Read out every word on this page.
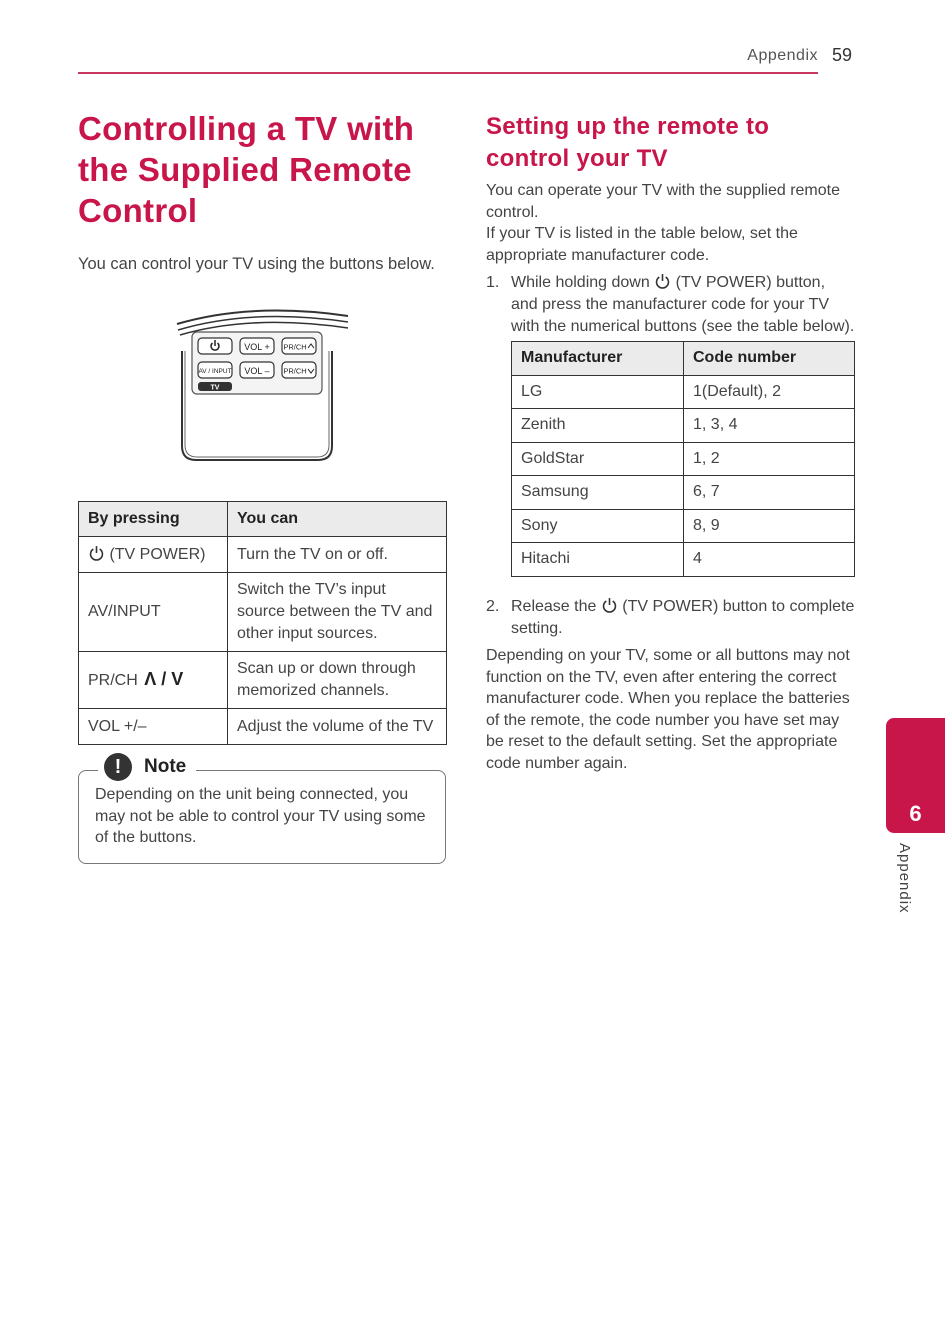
Appendix 59
Controlling a TV with the Supplied Remote Control
You can control your TV using the buttons below.
VOL + PR/CH
AV / INPUT VOL – PR/CH
TV
By pressing	You can
(TV POWER)	Turn the TV on or off.
AV/INPUT	Switch the TV’s input source between the TV and other input sources.
PR/CH Λ / V	Scan up or down through memorized channels.
VOL +/–	Adjust the volume of the TV
!	Note
Depending on the unit being connected, you may not be able to control your TV using some of the buttons.
Setting up the remote to control your TV
You can operate your TV with the supplied remote control.
If your TV is listed in the table below, set the appropriate manufacturer code.
1. While holding down (TV POWER) button, and press the manufacturer code for your TV with the numerical buttons (see the table below).
Manufacturer	Code number
LG	1(Default), 2
Zenith	1, 3, 4
GoldStar	1, 2
Samsung	6, 7
Sony	8, 9
Hitachi	4
2. Release the (TV POWER) button to complete setting.
Depending on your TV, some or all buttons may not function on the TV, even after entering the correct manufacturer code. When you replace the batteries of the remote, the code number you have set may be reset to the default setting. Set the appropriate code number again.
6
Appendix
